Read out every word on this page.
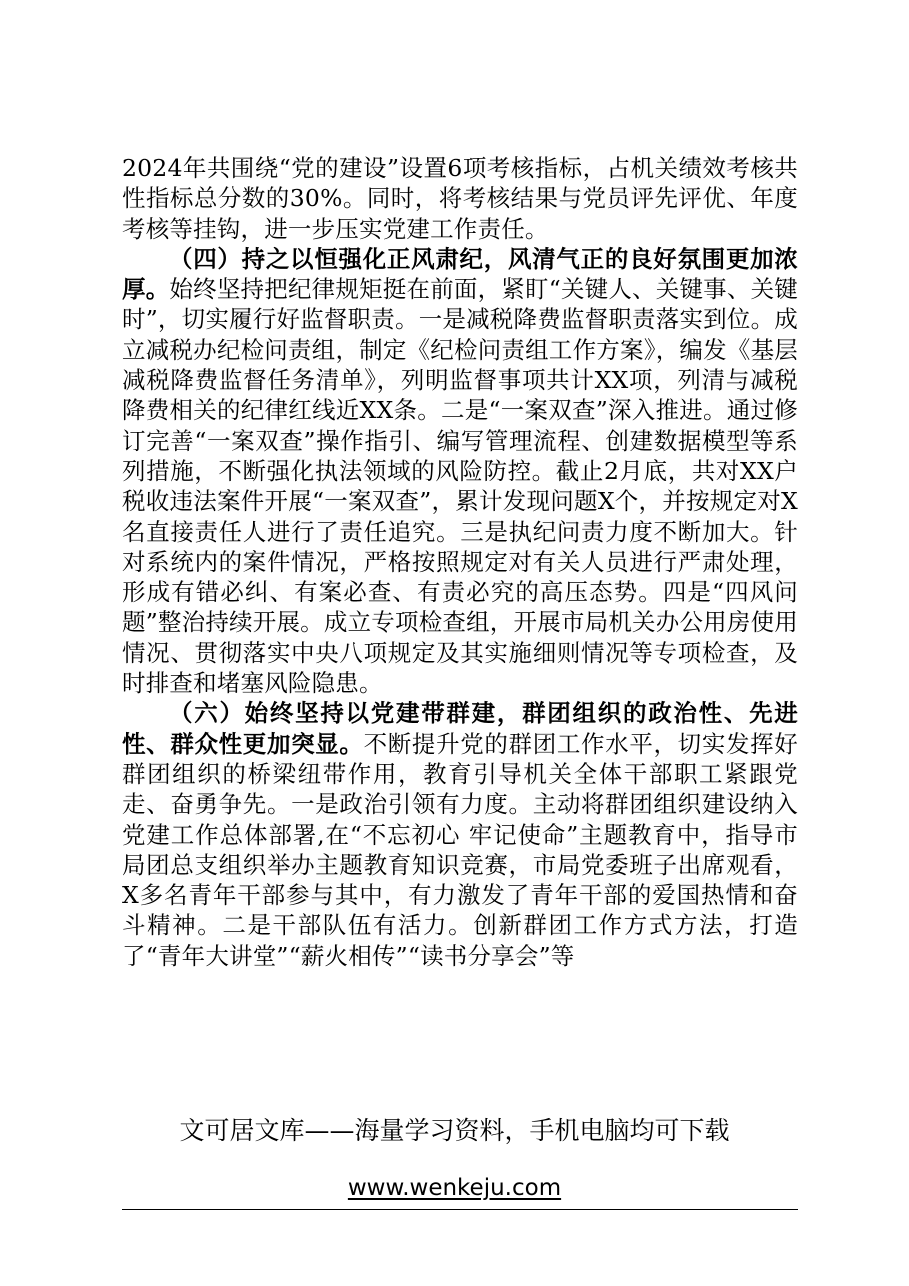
2024年共围绕“党的建设”设置6项考核指标，占机关绩效考核共性指标总分数的30%。同时，将考核结果与党员评先评优、年度考核等挂钩，进一步压实党建工作责任。

（四）持之以恒强化正风肃纪，风清气正的良好氛围更加浓厚。始终坚持把纪律规矩挺在前面，紧盯“关键人、关键事、关键时”，切实履行好监督职责。一是减税降费监督职责落实到位。成立减税办纪检问责组，制定《纪检问责组工作方案》，编发《基层减税降费监督任务清单》，列明监督事项共计XX项，列清与减税降费相关的纪律红线近XX条。二是“一案双查”深入推进。通过修订完善“一案双查”操作指引、编写管理流程、创建数据模型等系列措施，不断强化执法领域的风险防控。截止2月底，共对XX户税收违法案件开展“一案双查”，累计发现问题X个，并按规定对X名直接责任人进行了责任追究。三是执纪问责力度不断加大。针对系统内的案件情况，严格按照规定对有关人员进行严肃处理，形成有错必纠、有案必查、有责必究的高压态势。四是“四风问题”整治持续开展。成立专项检查组，开展市局机关办公用房使用情况、贯彻落实中央八项规定及其实施细则情况等专项检查，及时排查和堵塞风险隐患。

（六）始终坚持以党建带群建，群团组织的政治性、先进性、群众性更加突显。不断提升党的群团工作水平，切实发挥好群团组织的桥梁纽带作用，教育引导机关全体干部职工紧跟党走、奋勇争先。一是政治引领有力度。主动将群团组织建设纳入党建工作总体部署,在“不忘初心 牢记使命”主题教育中，指导市局团总支组织举办主题教育知识竞赛，市局党委班子出席观看，X多名青年干部参与其中，有力激发了青年干部的爱国热情和奋斗精神。二是干部队伍有活力。创新群团工作方式方法，打造了“青年大讲堂”“薪火相传”“读书分享会”等

文可居文库——海量学习资料，手机电脑均可下载
www.wenkeju.com
